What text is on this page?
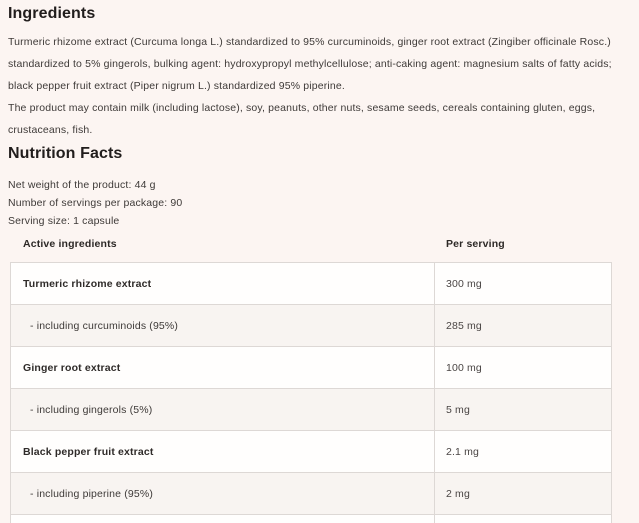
Ingredients

Turmeric rhizome extract (Curcuma longa L.) standardized to 95% curcuminoids, ginger root extract (Zingiber officinale Rosc.) standardized to 5% gingerols, bulking agent: hydroxypropyl methylcellulose; anti-caking agent: magnesium salts of fatty acids; black pepper fruit extract (Piper nigrum L.) standardized 95% piperine.

The product may contain milk (including lactose), soy, peanuts, other nuts, sesame seeds, cereals containing gluten, eggs, crustaceans, fish.

Nutrition Facts
Net weight of the product: 44 g
Number of servings per package: 90
Serving size: 1 capsule
Active ingredients	Per serving
Turmeric rhizome extract	300 mg
- including curcuminoids (95%)	285 mg
Ginger root extract	100 mg
- including gingerols (5%)	5 mg
Black pepper fruit extract	2.1 mg
- including piperine (95%)	2 mg
